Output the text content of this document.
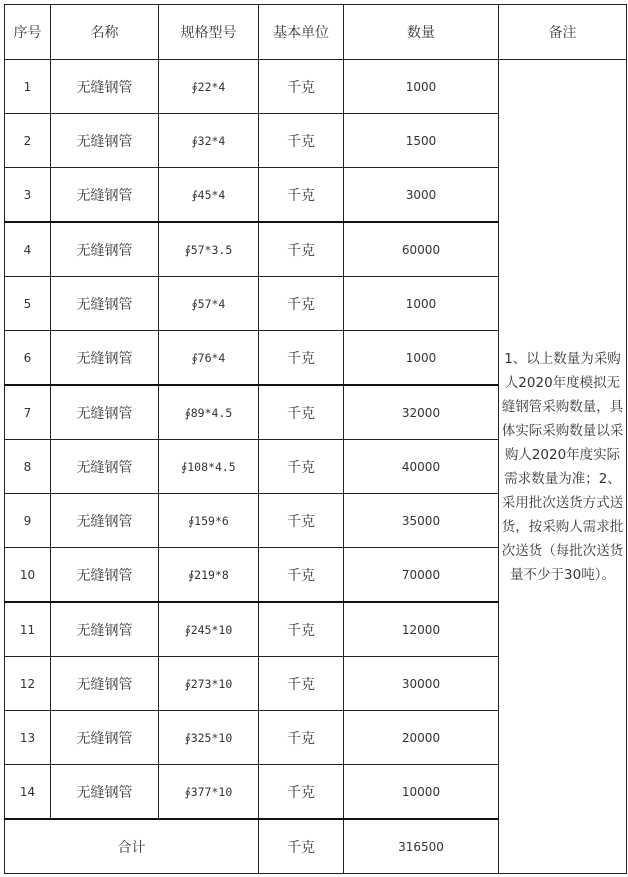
序号	名称	规格型号	基本单位	数量	备注
1	无缝钢管	∮22*4	千克	1000	1、以上数量为采购人2020年度模拟无缝钢管采购数量，具体实际采购数量以采购人2020年度实际需求数量为准；2、采用批次送货方式送货，按采购人需求批次送货（每批次送货量不少于30吨）。
2	无缝钢管	∮32*4	千克	1500	
3	无缝钢管	∮45*4	千克	3000	
4	无缝钢管	∮57*3.5	千克	60000	
5	无缝钢管	∮57*4	千克	1000	
6	无缝钢管	∮76*4	千克	1000	
7	无缝钢管	∮89*4.5	千克	32000	
8	无缝钢管	∮108*4.5	千克	40000	
9	无缝钢管	∮159*6	千克	35000	
10	无缝钢管	∮219*8	千克	70000	
11	无缝钢管	∮245*10	千克	12000	
12	无缝钢管	∮273*10	千克	30000	
13	无缝钢管	∮325*10	千克	20000	
14	无缝钢管	∮377*10	千克	10000	
合计			千克	316500	
